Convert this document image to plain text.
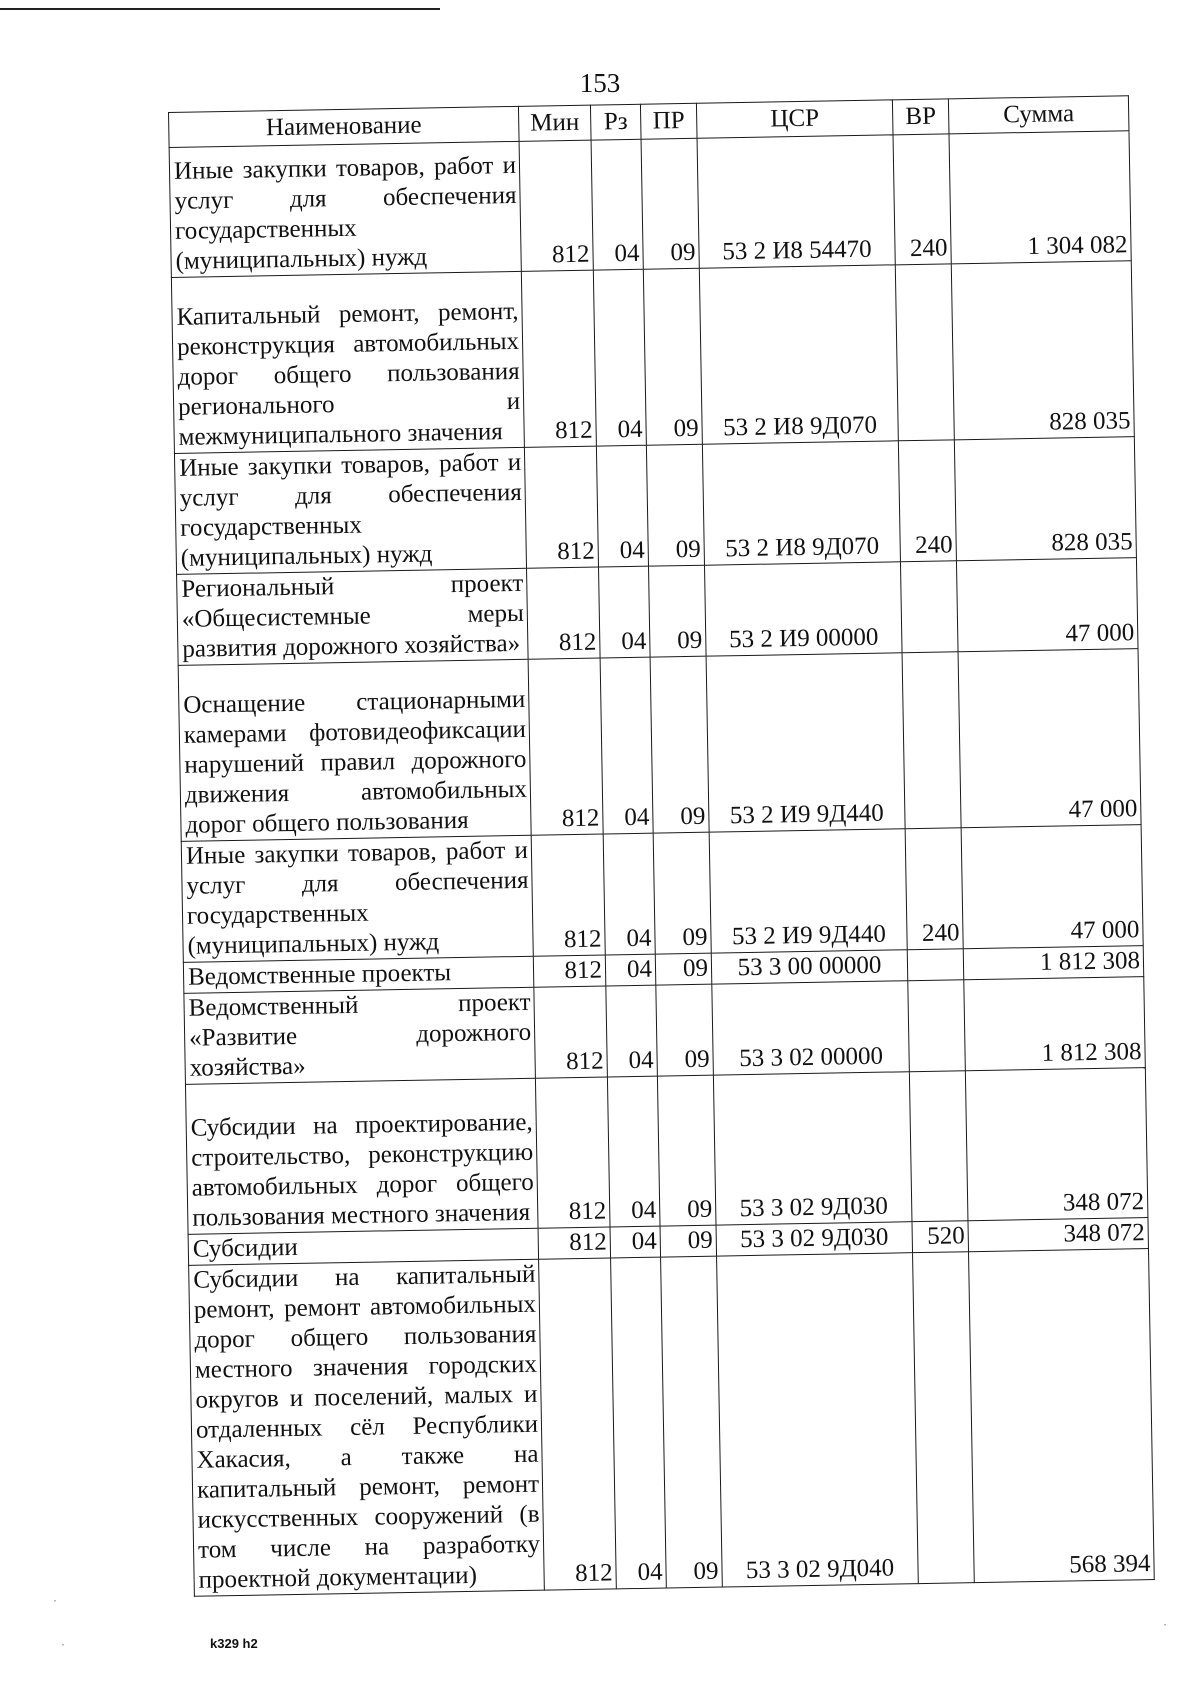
153
Наименование	Мин	Рз	ПР	ЦСР	ВР	Сумма
Иные закупки товаров, работ и услуг для обеспечения государственных (муниципальных) нужд	812	04	09	53 2 И8 54470	240	1 304 082
Капитальный ремонт, ремонт, реконструкция автомобильных дорог общего пользования регионального и межмуниципального значения	812	04	09	53 2 И8 9Д070		828 035
Иные закупки товаров, работ и услуг для обеспечения государственных (муниципальных) нужд	812	04	09	53 2 И8 9Д070	240	828 035
Региональный проект «Общесистемные меры развития дорожного хозяйства»	812	04	09	53 2 И9 00000		47 000
Оснащение стационарными камерами фотовидеофиксации нарушений правил дорожного движения автомобильных дорог общего пользования	812	04	09	53 2 И9 9Д440		47 000
Иные закупки товаров, работ и услуг для обеспечения государственных (муниципальных) нужд	812	04	09	53 2 И9 9Д440	240	47 000
Ведомственные проекты	812	04	09	53 3 00 00000		1 812 308
Ведомственный проект «Развитие дорожного хозяйства»	812	04	09	53 3 02 00000		1 812 308
Субсидии на проектирование, строительство, реконструкцию автомобильных дорог общего пользования местного значения	812	04	09	53 3 02 9Д030		348 072
Субсидии	812	04	09	53 3 02 9Д030	520	348 072
Субсидии на капитальный ремонт, ремонт автомобильных дорог общего пользования местного значения городских округов и поселений, малых и отдаленных сёл Республики Хакасия, а также на капитальный ремонт, ремонт искусственных сооружений (в том числе на разработку проектной документации)	812	04	09	53 3 02 9Д040		568 394
k329 h2
·
·
·
